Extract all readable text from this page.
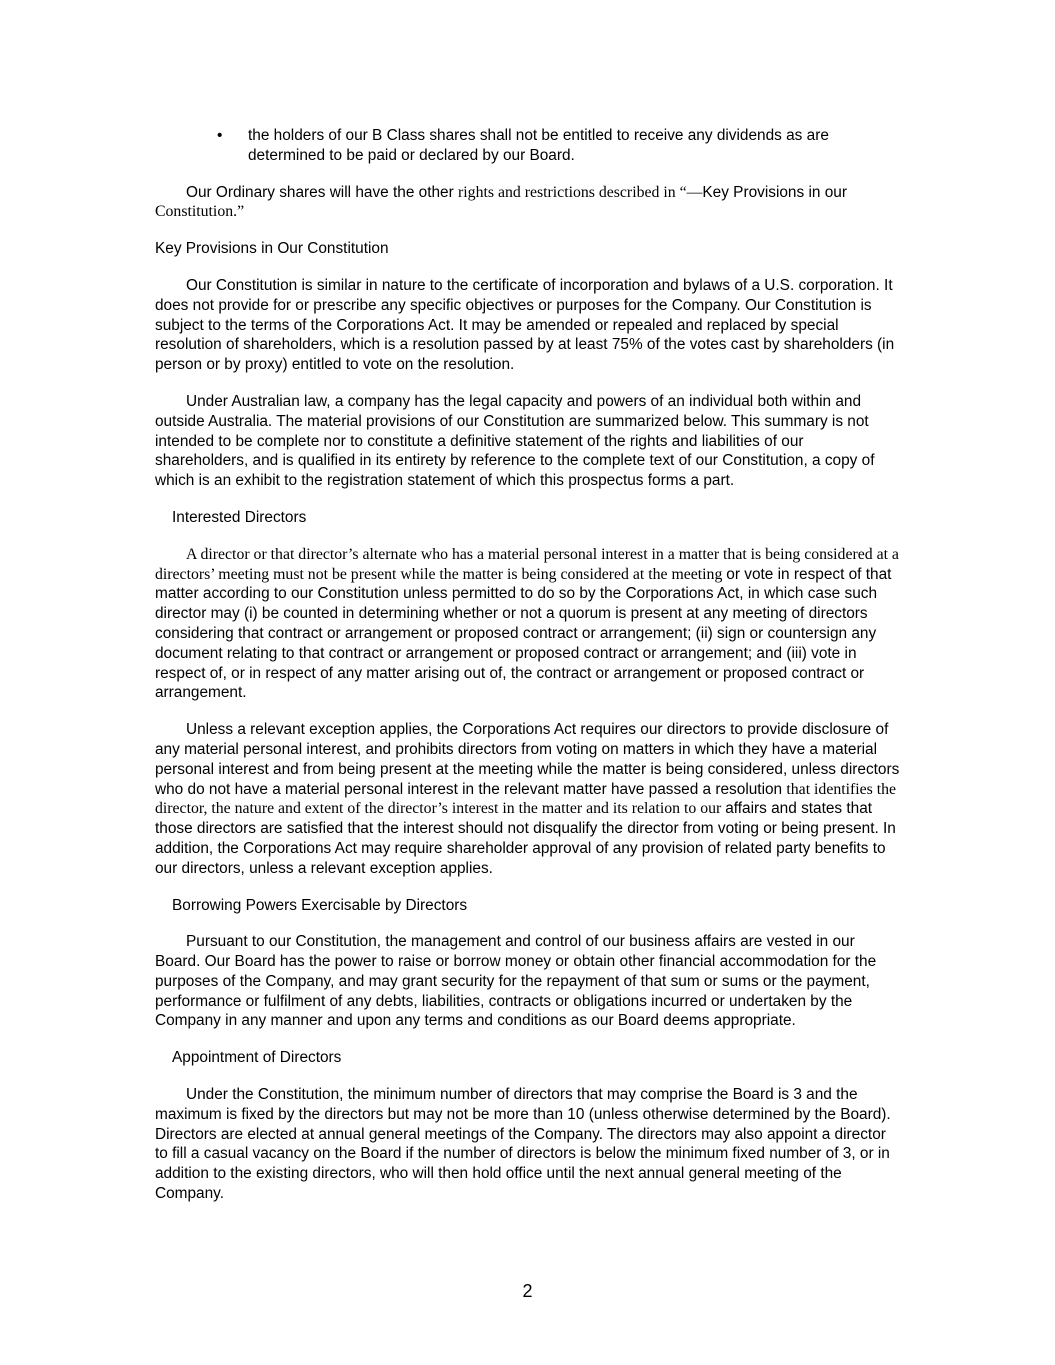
• the holders of our B Class shares shall not be entitled to receive any dividends as are determined to be paid or declared by our Board.

Our Ordinary shares will have the other rights and restrictions described in “—Key Provisions in our Constitution.”

Key Provisions in Our Constitution

Our Constitution is similar in nature to the certificate of incorporation and bylaws of a U.S. corporation. It does not provide for or prescribe any specific objectives or purposes for the Company. Our Constitution is subject to the terms of the Corporations Act. It may be amended or repealed and replaced by special resolution of shareholders, which is a resolution passed by at least 75% of the votes cast by shareholders (in person or by proxy) entitled to vote on the resolution.

Under Australian law, a company has the legal capacity and powers of an individual both within and outside Australia. The material provisions of our Constitution are summarized below. This summary is not intended to be complete nor to constitute a definitive statement of the rights and liabilities of our shareholders, and is qualified in its entirety by reference to the complete text of our Constitution, a copy of which is an exhibit to the registration statement of which this prospectus forms a part.

Interested Directors

A director or that director’s alternate who has a material personal interest in a matter that is being considered at a directors’ meeting must not be present while the matter is being considered at the meeting or vote in respect of that matter according to our Constitution unless permitted to do so by the Corporations Act, in which case such director may (i) be counted in determining whether or not a quorum is present at any meeting of directors considering that contract or arrangement or proposed contract or arrangement; (ii) sign or countersign any document relating to that contract or arrangement or proposed contract or arrangement; and (iii) vote in respect of, or in respect of any matter arising out of, the contract or arrangement or proposed contract or arrangement.

Unless a relevant exception applies, the Corporations Act requires our directors to provide disclosure of any material personal interest, and prohibits directors from voting on matters in which they have a material personal interest and from being present at the meeting while the matter is being considered, unless directors who do not have a material personal interest in the relevant matter have passed a resolution that identifies the director, the nature and extent of the director’s interest in the matter and its relation to our affairs and states that those directors are satisfied that the interest should not disqualify the director from voting or being present. In addition, the Corporations Act may require shareholder approval of any provision of related party benefits to our directors, unless a relevant exception applies.

Borrowing Powers Exercisable by Directors

Pursuant to our Constitution, the management and control of our business affairs are vested in our Board. Our Board has the power to raise or borrow money or obtain other financial accommodation for the purposes of the Company, and may grant security for the repayment of that sum or sums or the payment, performance or fulfilment of any debts, liabilities, contracts or obligations incurred or undertaken by the Company in any manner and upon any terms and conditions as our Board deems appropriate.

Appointment of Directors

Under the Constitution, the minimum number of directors that may comprise the Board is 3 and the maximum is fixed by the directors but may not be more than 10 (unless otherwise determined by the Board). Directors are elected at annual general meetings of the Company. The directors may also appoint a director to fill a casual vacancy on the Board if the number of directors is below the minimum fixed number of 3, or in addition to the existing directors, who will then hold office until the next annual general meeting of the Company.

2
